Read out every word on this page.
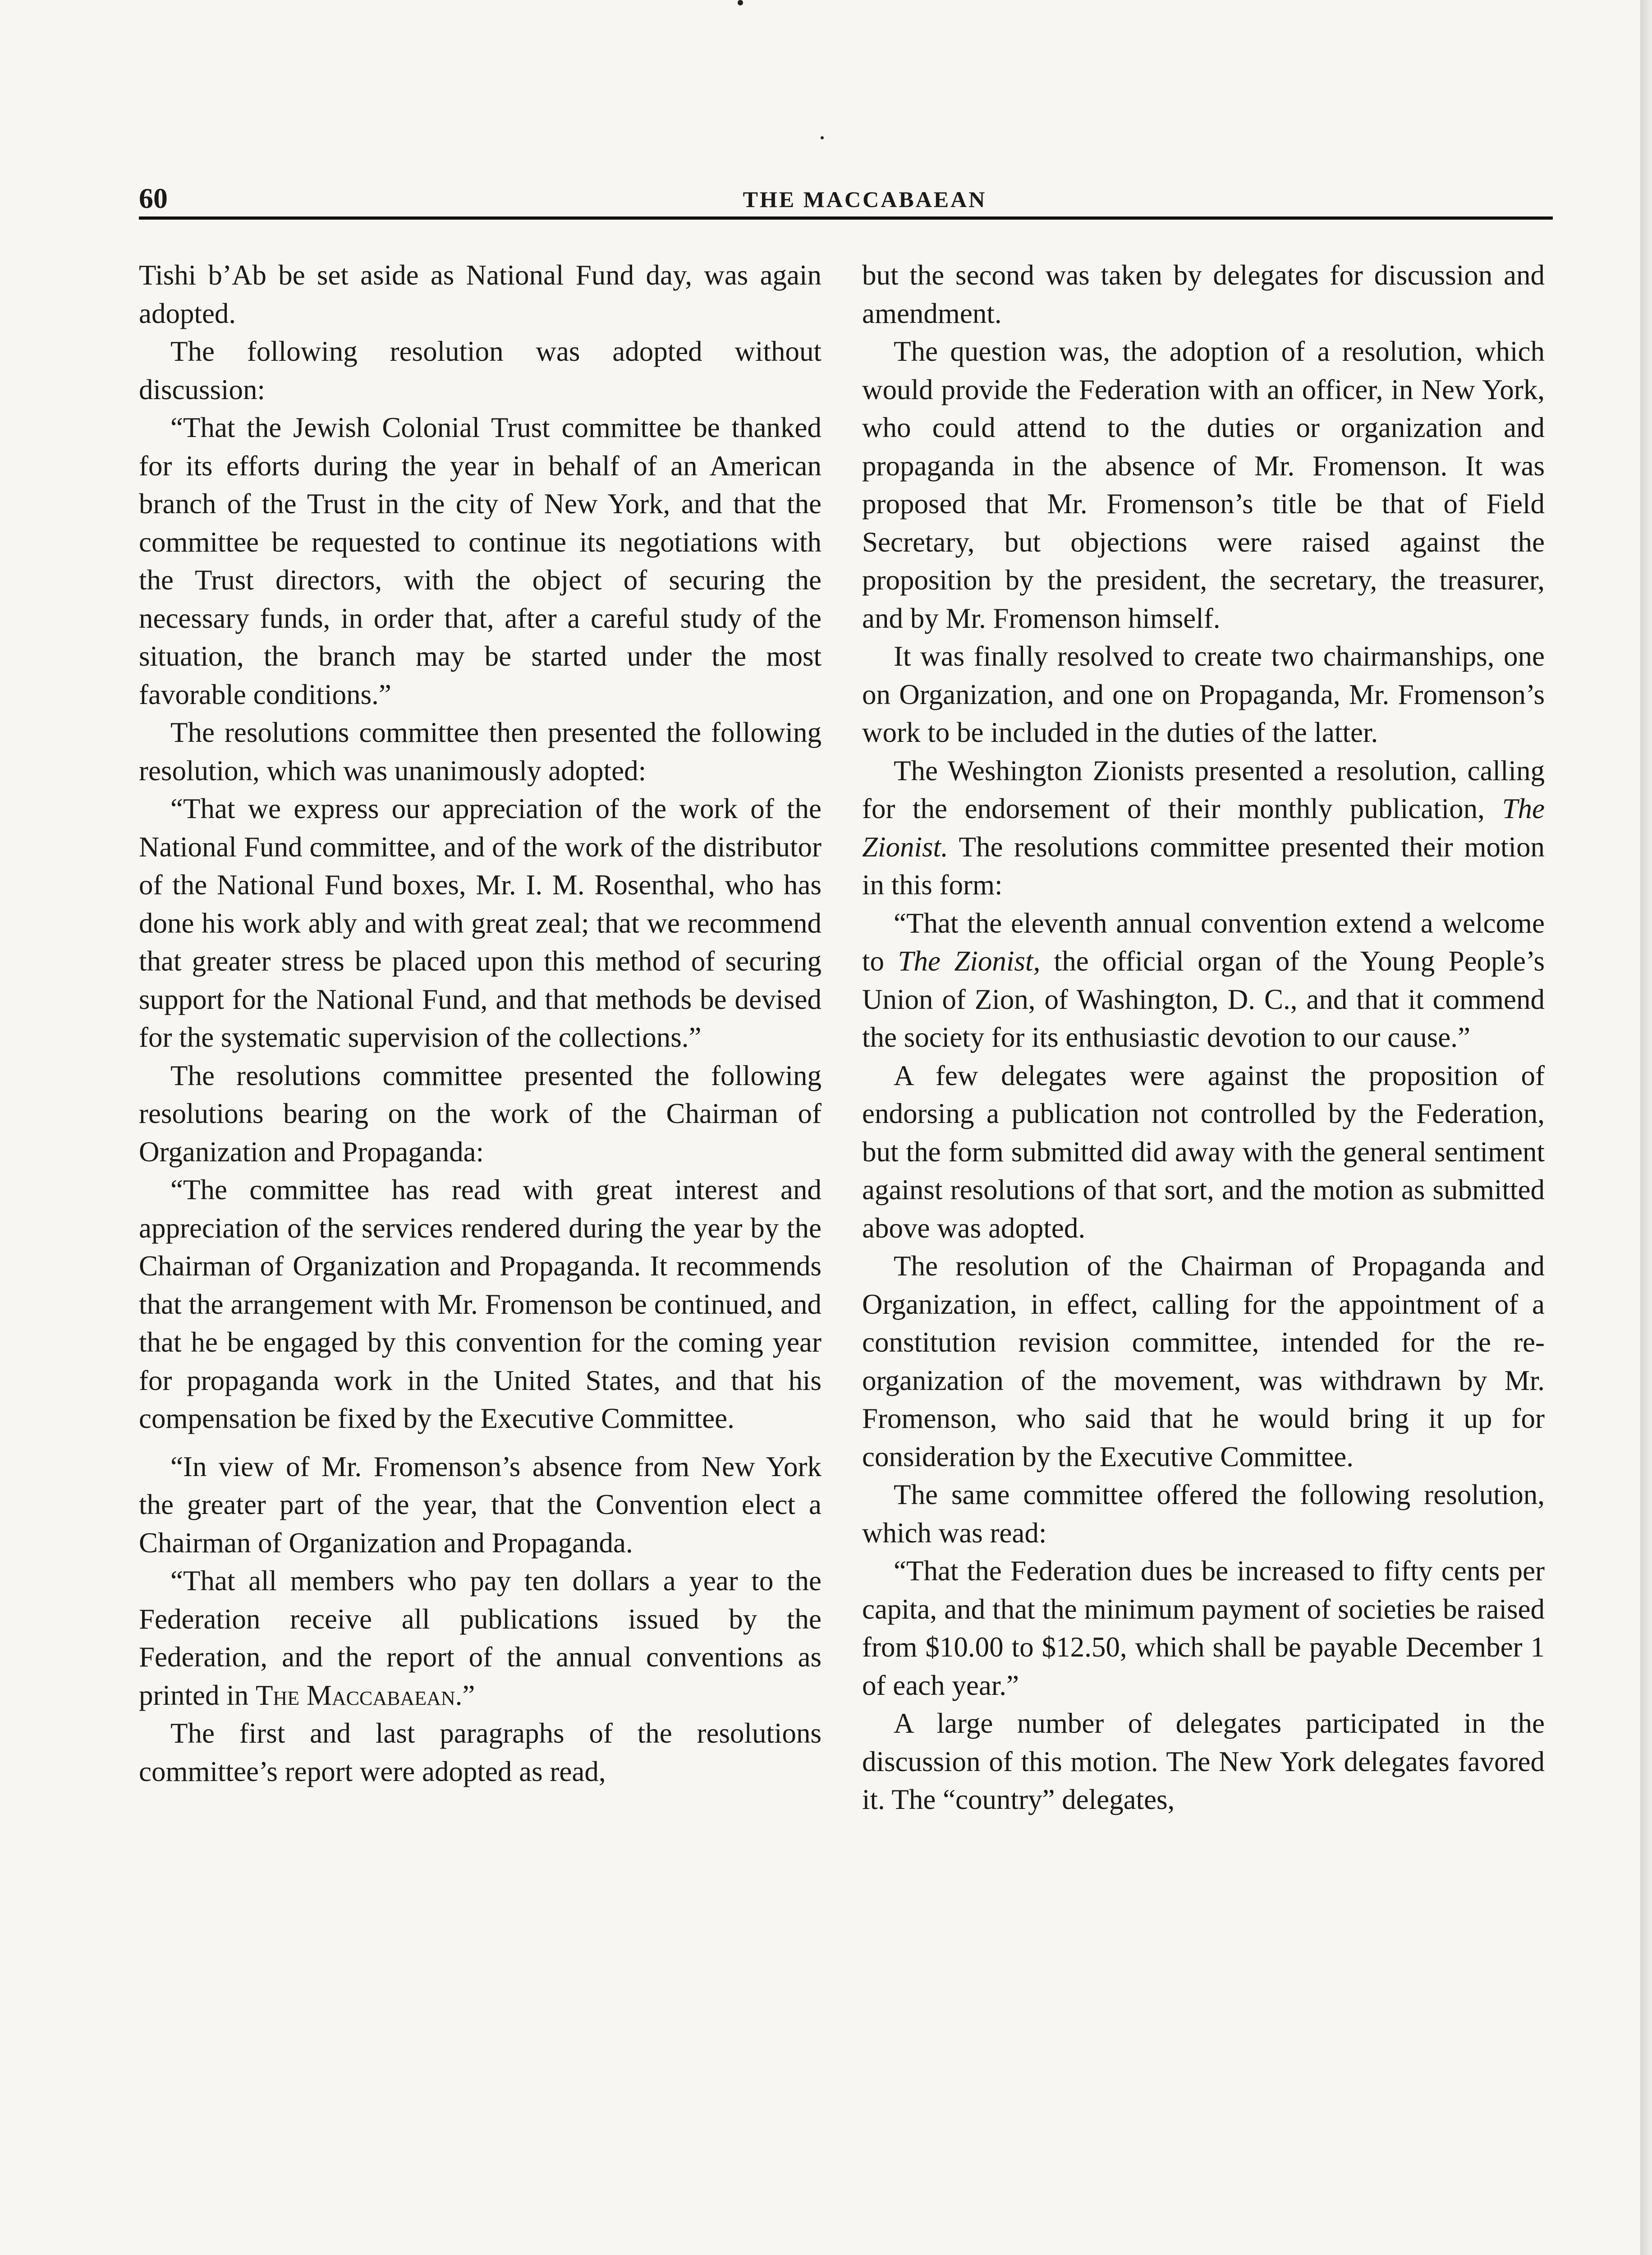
60	THE MACCABAEAN

Tishi b’Ab be set aside as National Fund day, was again adopted.

The following resolution was adopted without discussion:

“That the Jewish Colonial Trust committee be thanked for its efforts during the year in behalf of an American branch of the Trust in the city of New York, and that the committee be requested to continue its negotiations with the Trust directors, with the object of securing the necessary funds, in order that, after a careful study of the situation, the branch may be started under the most favorable conditions.”

The resolutions committee then presented the following resolution, which was unanimously adopted:

“That we express our appreciation of the work of the National Fund committee, and of the work of the distributor of the National Fund boxes, Mr. I. M. Rosenthal, who has done his work ably and with great zeal; that we recommend that greater stress be placed upon this method of securing support for the National Fund, and that methods be devised for the systematic supervision of the collections.”

The resolutions committee presented the following resolutions bearing on the work of the Chairman of Organization and Propaganda:

“The committee has read with great interest and appreciation of the services rendered during the year by the Chairman of Organization and Propaganda. It recommends that the arrangement with Mr. Fromenson be continued, and that he be engaged by this convention for the coming year for propaganda work in the United States, and that his compensation be fixed by the Executive Committee.

“In view of Mr. Fromenson’s absence from New York the greater part of the year, that the Convention elect a Chairman of Organization and Propaganda.

“That all members who pay ten dollars a year to the Federation receive all publications issued by the Federation, and the report of the annual conventions as printed in The Maccabaean.”

The first and last paragraphs of the resolutions committee’s report were adopted as read,

but the second was taken by delegates for discussion and amendment.

The question was, the adoption of a resolution, which would provide the Federation with an officer, in New York, who could attend to the duties or organization and propaganda in the absence of Mr. Fromenson. It was proposed that Mr. Fromenson’s title be that of Field Secretary, but objections were raised against the proposition by the president, the secretary, the treasurer, and by Mr. Fromenson himself.

It was finally resolved to create two chairmanships, one on Organization, and one on Propaganda, Mr. Fromenson’s work to be included in the duties of the latter.

The Weshington Zionists presented a resolution, calling for the endorsement of their monthly publication, The Zionist. The resolutions committee presented their motion in this form:

“That the eleventh annual convention extend a welcome to The Zionist, the official organ of the Young People’s Union of Zion, of Washington, D. C., and that it commend the society for its enthusiastic devotion to our cause.”

A few delegates were against the proposition of endorsing a publication not controlled by the Federation, but the form submitted did away with the general sentiment against resolutions of that sort, and the motion as submitted above was adopted.

The resolution of the Chairman of Propaganda and Organization, in effect, calling for the appointment of a constitution revision committee, intended for the re-organization of the movement, was withdrawn by Mr. Fromenson, who said that he would bring it up for consideration by the Executive Committee.

The same committee offered the following resolution, which was read:

“That the Federation dues be increased to fifty cents per capita, and that the minimum payment of societies be raised from $10.00 to $12.50, which shall be payable December 1 of each year.”

A large number of delegates participated in the discussion of this motion. The New York delegates favored it. The “country” delegates,
